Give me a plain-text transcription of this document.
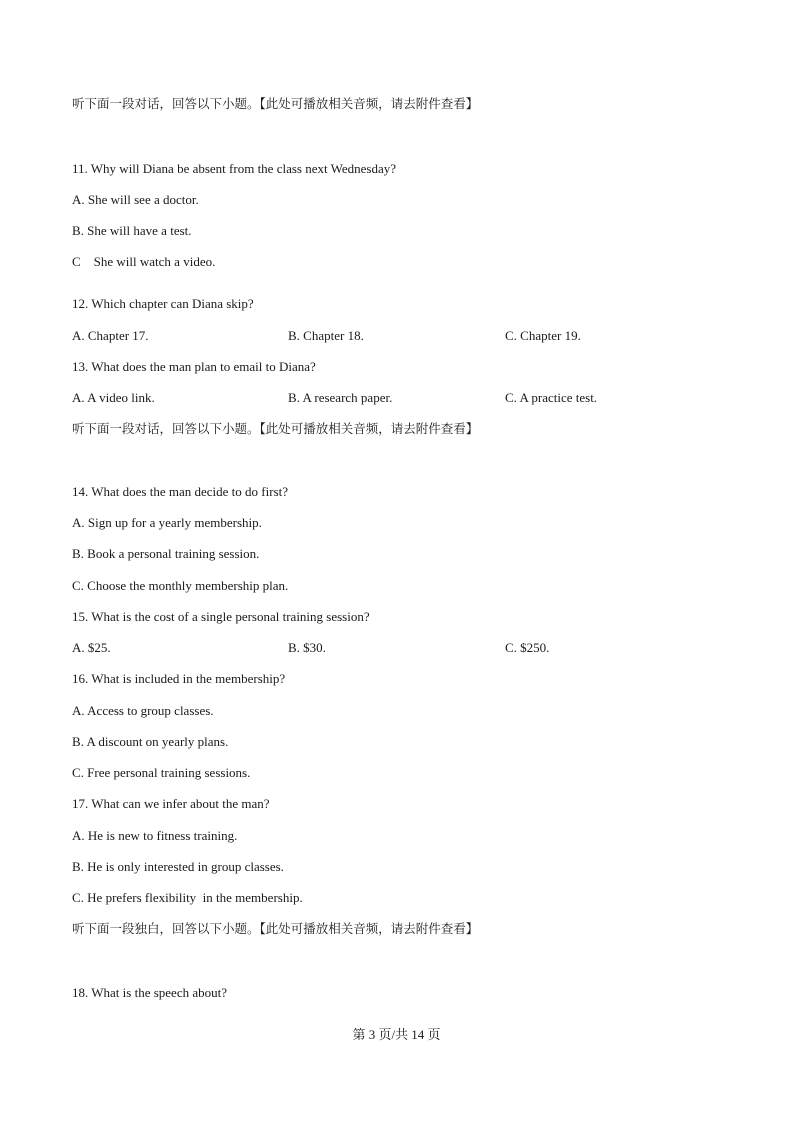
听下面一段对话，回答以下小题。【此处可播放相关音频，请去附件查看】
11. Why will Diana be absent from the class next Wednesday?
A. She will see a doctor.
B. She will have a test.
C    She will watch a video.
12. Which chapter can Diana skip?
A. Chapter 17.	B. Chapter 18.	C. Chapter 19.
13. What does the man plan to email to Diana?
A. A video link.	B. A research paper.	C. A practice test.
听下面一段对话，回答以下小题。【此处可播放相关音频，请去附件查看】
14. What does the man decide to do first?
A. Sign up for a yearly membership.
B. Book a personal training session.
C. Choose the monthly membership plan.
15. What is the cost of a single personal training session?
A. $25.	B. $30.	C. $250.
16. What is included in the membership?
A. Access to group classes.
B. A discount on yearly plans.
C. Free personal training sessions.
17. What can we infer about the man?
A. He is new to fitness training.
B. He is only interested in group classes.
C. He prefers flexibility  in the membership.
听下面一段独白，回答以下小题。【此处可播放相关音频，请去附件查看】
18. What is the speech about?
第 3 页/共 14 页
